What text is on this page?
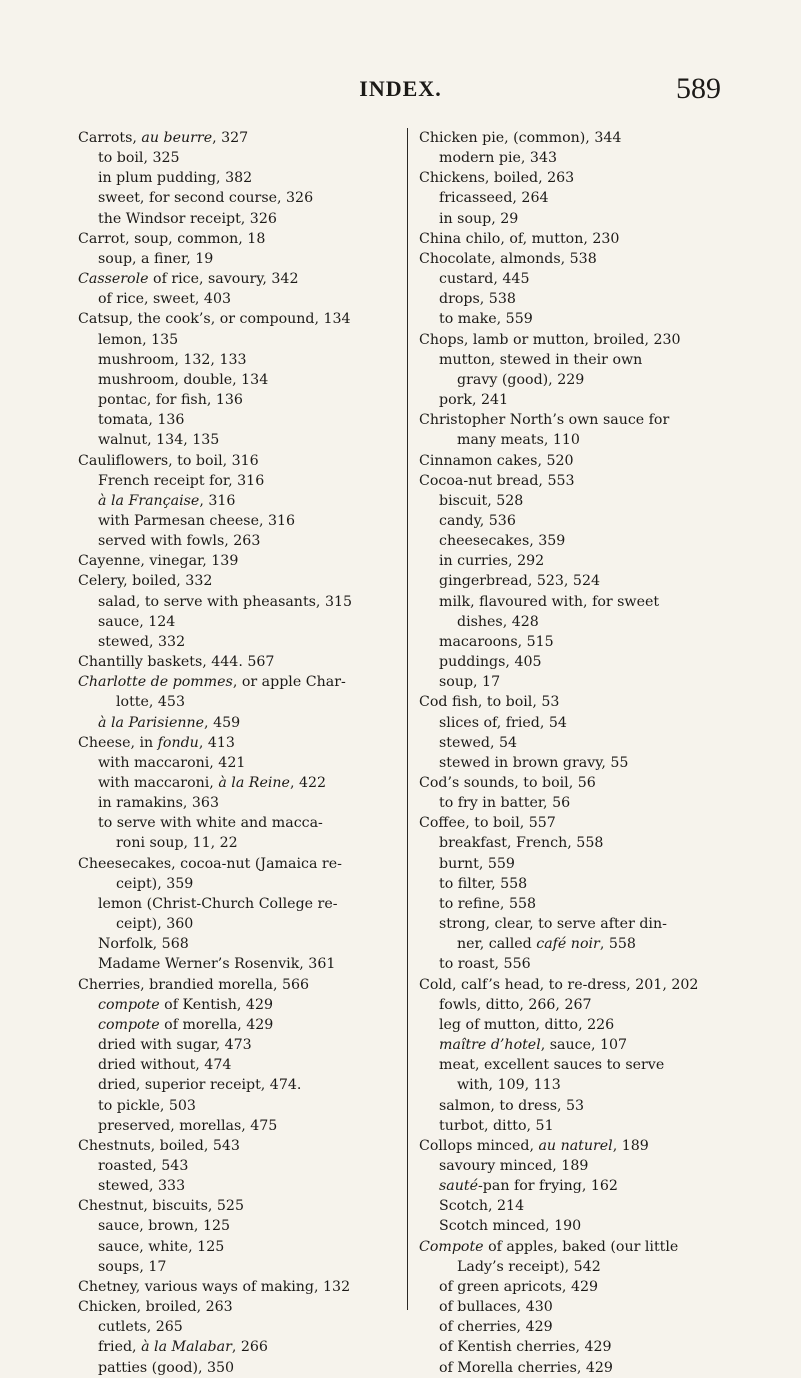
INDEX.	589
Carrots, au beurre, 327
to boil, 325
in plum pudding, 382
sweet, for second course, 326
the Windsor receipt, 326
Carrot, soup, common, 18
soup, a finer, 19
Casserole of rice, savoury, 342
of rice, sweet, 403
Catsup, the cook’s, or compound, 134
lemon, 135
mushroom, 132, 133
mushroom, double, 134
pontac, for fish, 136
tomata, 136
walnut, 134, 135
Cauliflowers, to boil, 316
French receipt for, 316
à la Française, 316
with Parmesan cheese, 316
served with fowls, 263
Cayenne, vinegar, 139
Celery, boiled, 332
salad, to serve with pheasants, 315
sauce, 124
stewed, 332
Chantilly baskets, 444. 567
Charlotte de pommes, or apple Char-
lotte, 453
à la Parisienne, 459
Cheese, in fondu, 413
with maccaroni, 421
with maccaroni, à la Reine, 422
in ramakins, 363
to serve with white and macca-
roni soup, 11, 22
Cheesecakes, cocoa-nut (Jamaica re-
ceipt), 359
lemon (Christ-Church College re-
ceipt), 360
Norfolk, 568
Madame Werner’s Rosenvik, 361
Cherries, brandied morella, 566
compote of Kentish, 429
compote of morella, 429
dried with sugar, 473
dried without, 474
dried, superior receipt, 474.
to pickle, 503
preserved, morellas, 475
Chestnuts, boiled, 543
roasted, 543
stewed, 333
Chestnut, biscuits, 525
sauce, brown, 125
sauce, white, 125
soups, 17
Chetney, various ways of making, 132
Chicken, broiled, 263
cutlets, 265
fried, à la Malabar, 266
patties (good), 350
Chicken pie, (common), 344
modern pie, 343
Chickens, boiled, 263
fricasseed, 264
in soup, 29
China chilo, of, mutton, 230
Chocolate, almonds, 538
custard, 445
drops, 538
to make, 559
Chops, lamb or mutton, broiled, 230
mutton, stewed in their own
gravy (good), 229
pork, 241
Christopher North’s own sauce for
many meats, 110
Cinnamon cakes, 520
Cocoa-nut bread, 553
biscuit, 528
candy, 536
cheesecakes, 359
in curries, 292
gingerbread, 523, 524
milk, flavoured with, for sweet
dishes, 428
macaroons, 515
puddings, 405
soup, 17
Cod fish, to boil, 53
slices of, fried, 54
stewed, 54
stewed in brown gravy, 55
Cod’s sounds, to boil, 56
to fry in batter, 56
Coffee, to boil, 557
breakfast, French, 558
burnt, 559
to filter, 558
to refine, 558
strong, clear, to serve after din-
ner, called café noir, 558
to roast, 556
Cold, calf’s head, to re-dress, 201, 202
fowls, ditto, 266, 267
leg of mutton, ditto, 226
maître d’hotel, sauce, 107
meat, excellent sauces to serve
with, 109, 113
salmon, to dress, 53
turbot, ditto, 51
Collops minced, au naturel, 189
savoury minced, 189
sauté-pan for frying, 162
Scotch, 214
Scotch minced, 190
Compote of apples, baked (our little
Lady’s receipt), 542
of green apricots, 429
of bullaces, 430
of cherries, 429
of Kentish cherries, 429
of Morella cherries, 429
